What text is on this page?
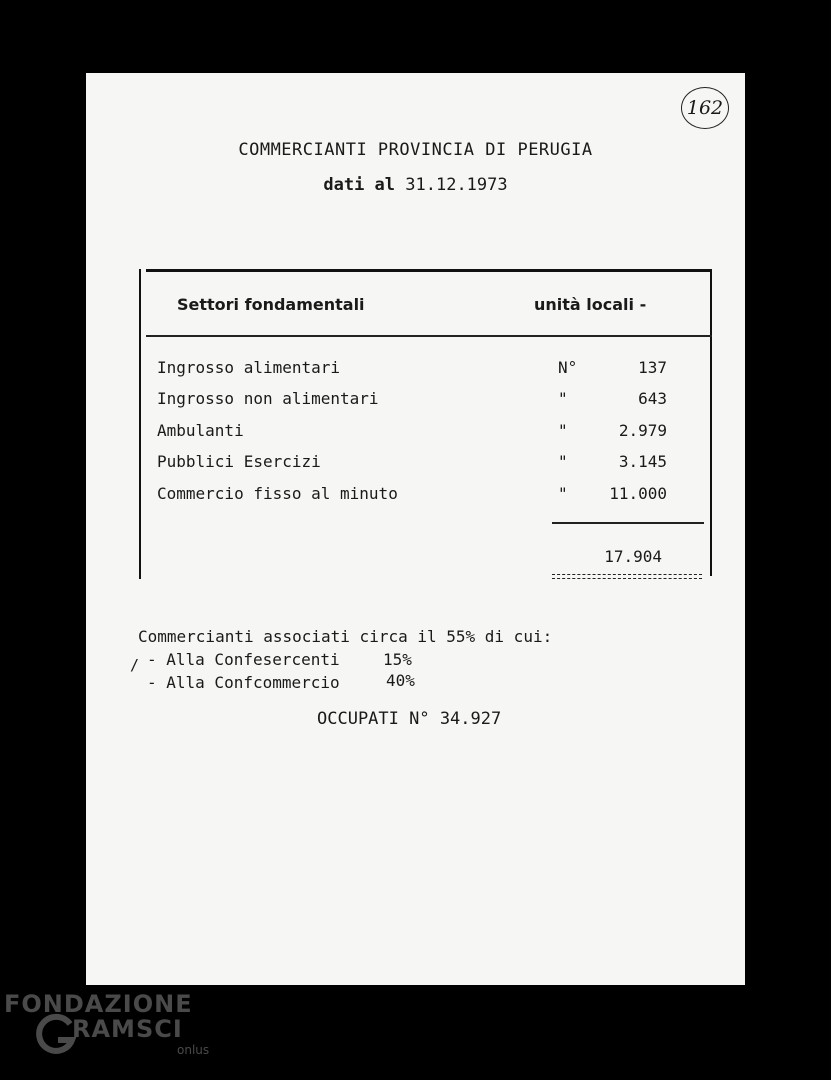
162
COMMERCIANTI PROVINCIA DI PERUGIA
dati al 31.12.1973
Settori fondamentali	unità locali -
Ingrosso alimentari	N°	137
Ingrosso non alimentari	"	643
Ambulanti	"	2.979
Pubblici Esercizi	"	3.145
Commercio fisso al minuto	"	11.000
17.904
Commercianti associati circa il 55% di cui:
/ - Alla Confesercenti	15%
- Alla Confcommercio	40%
OCCUPATI N° 34.927
FONDAZIONE
RAMSCI
onlus
